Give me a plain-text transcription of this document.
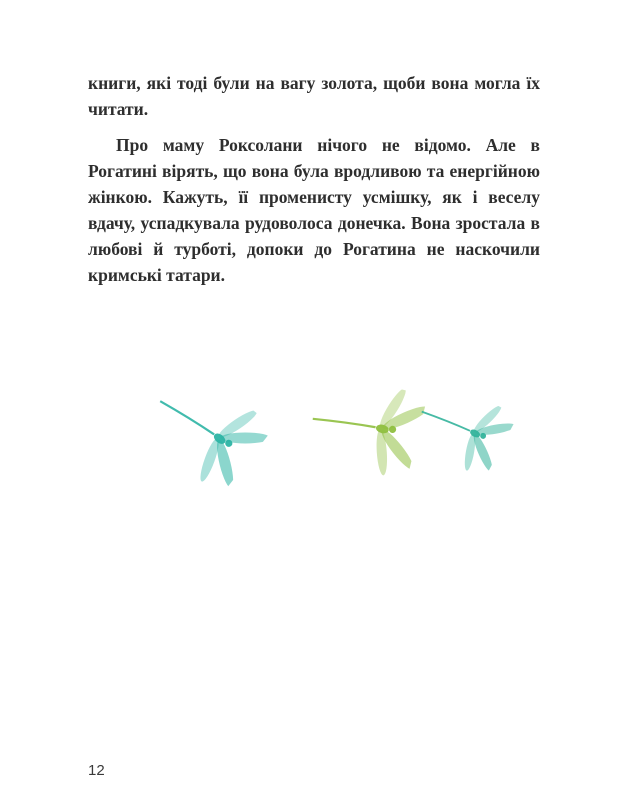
книги, які тоді були на вагу золота, щоби вона могла їх читати.

Про маму Роксолани нічого не відомо. Але в Рогатині вірять, що вона була вродливою та енергійною жінкою. Кажуть, її променисту усмішку, як і веселу вдачу, успадкувала рудоволоса донечка. Вона зростала в любові й турботі, допоки до Рогатина не наскочили кримські татари.

12
